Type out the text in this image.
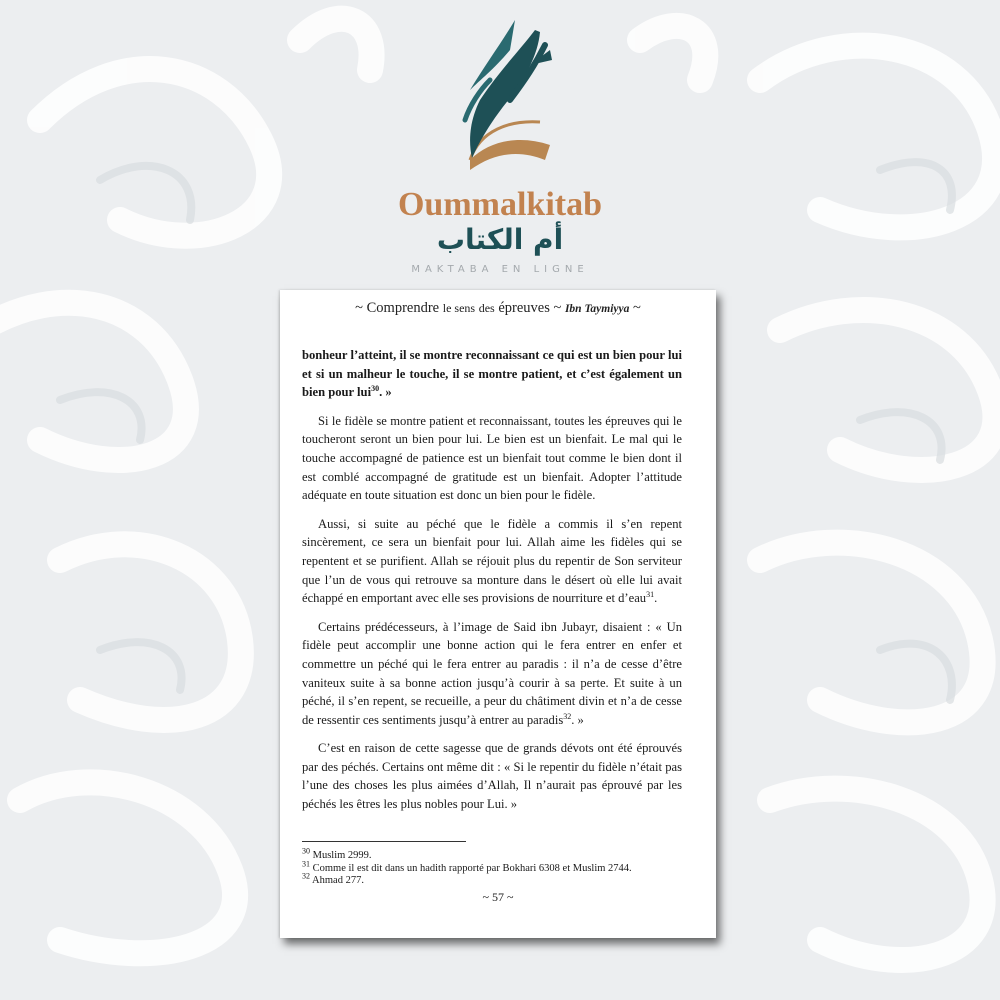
Oummalkitab
أم الكتاب
MAKTABA EN LIGNE
~ Comprendre le sens des épreuves ~ Ibn Taymiyya ~

bonheur l’atteint, il se montre reconnaissant ce qui est un bien pour lui et si un malheur le touche, il se montre patient, et c’est également un bien pour lui$^{30}$. »

Si le fidèle se montre patient et reconnaissant, toutes les épreuves qui le toucheront seront un bien pour lui. Le bien est un bienfait. Le mal qui le touche accompagné de patience est un bienfait tout comme le bien dont il est comblé accompagné de gratitude est un bienfait. Adopter l’attitude adéquate en toute situation est donc un bien pour le fidèle.

Aussi, si suite au péché que le fidèle a commis il s’en repent sincèrement, ce sera un bienfait pour lui. Allah aime les fidèles qui se repentent et se purifient. Allah se réjouit plus du repentir de Son serviteur que l’un de vous qui retrouve sa monture dans le désert où elle lui avait échappé en emportant avec elle ses provisions de nourriture et d’eau$^{31}$.

Certains prédécesseurs, à l’image de Said ibn Jubayr, disaient : « Un fidèle peut accomplir une bonne action qui le fera entrer en enfer et commettre un péché qui le fera entrer au paradis : il n’a de cesse d’être vaniteux suite à sa bonne action jusqu’à courir à sa perte. Et suite à un péché, il s’en repent, se recueille, a peur du châtiment divin et n’a de cesse de ressentir ces sentiments jusqu’à entrer au paradis$^{32}$. »

C’est en raison de cette sagesse que de grands dévots ont été éprouvés par des péchés. Certains ont même dit : « Si le repentir du fidèle n’était pas l’une des choses les plus aimées d’Allah, Il n’aurait pas éprouvé par les péchés les êtres les plus nobles pour Lui. »

$^{30}$ Muslim 2999.
$^{31}$ Comme il est dit dans un hadith rapporté par Bokhari 6308 et Muslim 2744.
$^{32}$ Ahmad 277.
~ 57 ~
